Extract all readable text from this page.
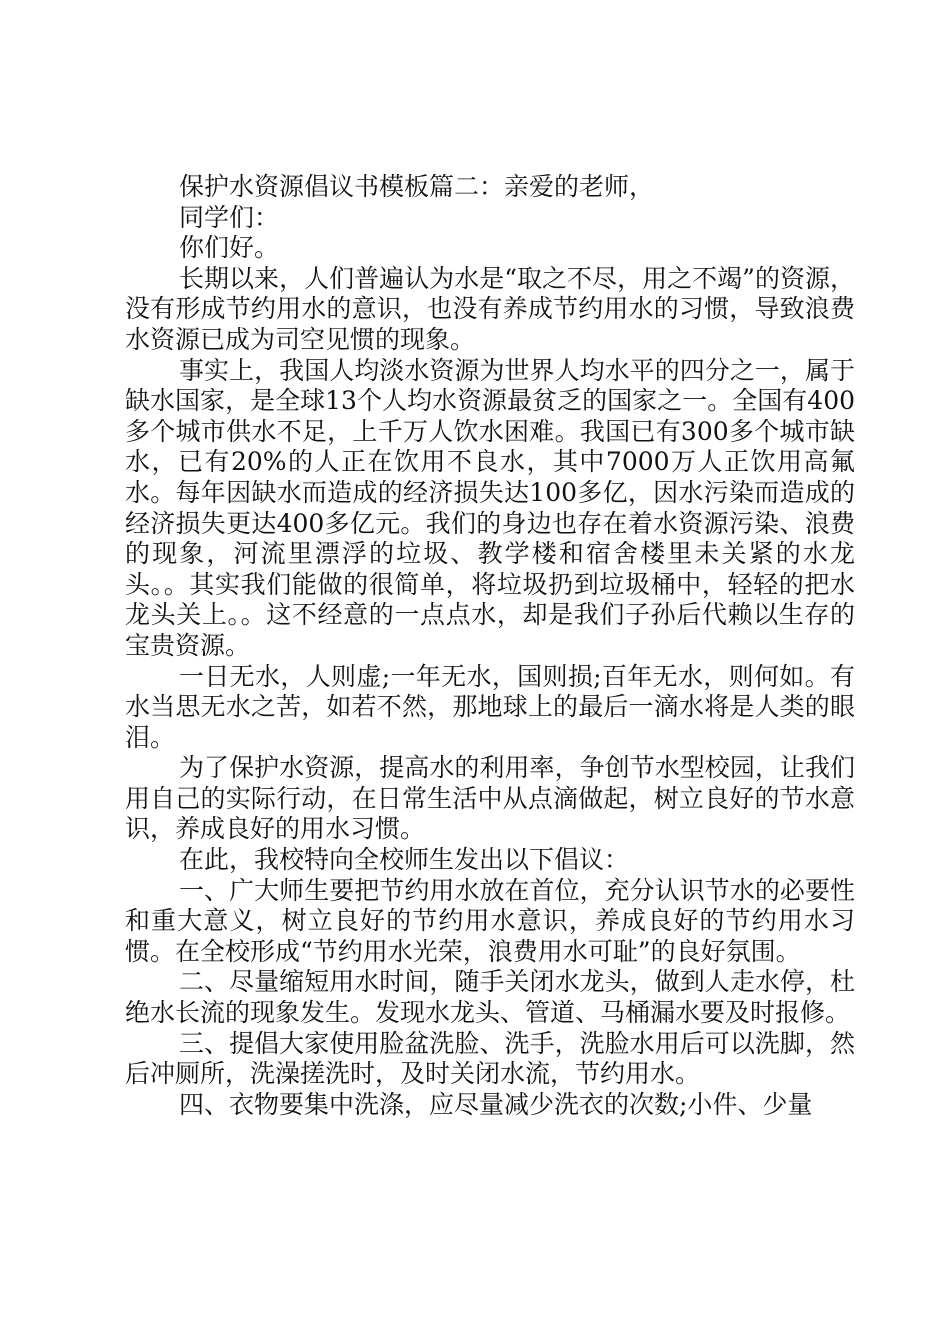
保护水资源倡议书模板篇二：亲爱的老师，

同学们：

你们好。

长期以来，人们普遍认为水是“取之不尽，用之不竭”的资源，没有形成节约用水的意识，也没有养成节约用水的习惯，导致浪费水资源已成为司空见惯的现象。

事实上，我国人均淡水资源为世界人均水平的四分之一，属于缺水国家，是全球13个人均水资源最贫乏的国家之一。全国有400多个城市供水不足，上千万人饮水困难。我国已有300多个城市缺水，已有20%的人正在饮用不良水，其中7000万人正饮用高氟水。每年因缺水而造成的经济损失达100多亿，因水污染而造成的经济损失更达400多亿元。我们的身边也存在着水资源污染、浪费的现象，河流里漂浮的垃圾、教学楼和宿舍楼里未关紧的水龙头。。其实我们能做的很简单，将垃圾扔到垃圾桶中，轻轻的把水龙头关上。。这不经意的一点点水，却是我们子孙后代赖以生存的宝贵资源。

一日无水，人则虚;一年无水，国则损;百年无水，则何如。有水当思无水之苦，如若不然，那地球上的最后一滴水将是人类的眼泪。

为了保护水资源，提高水的利用率，争创节水型校园，让我们用自己的实际行动，在日常生活中从点滴做起，树立良好的节水意识，养成良好的用水习惯。

在此，我校特向全校师生发出以下倡议：

一、广大师生要把节约用水放在首位，充分认识节水的必要性和重大意义，树立良好的节约用水意识，养成良好的节约用水习惯。在全校形成“节约用水光荣，浪费用水可耻”的良好氛围。

二、尽量缩短用水时间，随手关闭水龙头，做到人走水停，杜绝水长流的现象发生。发现水龙头、管道、马桶漏水要及时报修。

三、提倡大家使用脸盆洗脸、洗手，洗脸水用后可以洗脚，然后冲厕所，洗澡搓洗时，及时关闭水流，节约用水。

四、衣物要集中洗涤，应尽量减少洗衣的次数;小件、少量
